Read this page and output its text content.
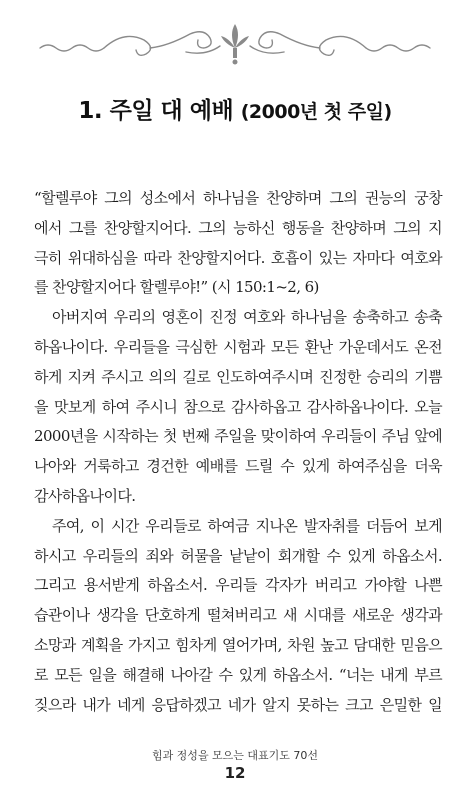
1. 주일 대 예배 (2000년 첫 주일)
“할렐루야 그의 성소에서 하나님을 찬양하며 그의 권능의 궁창
에서 그를 찬양할지어다. 그의 능하신 행동을 찬양하며 그의 지
극히 위대하심을 따라 찬양할지어다. 호흡이 있는 자마다 여호와
를 찬양할지어다 할렐루야!” (시 150:1~2, 6)
아버지여 우리의 영혼이 진정 여호와 하나님을 송축하고 송축
하옵나이다. 우리들을 극심한 시험과 모든 환난 가운데서도 온전
하게 지켜 주시고 의의 길로 인도하여주시며 진정한 승리의 기쁨
을 맛보게 하여 주시니 참으로 감사하옵고 감사하옵나이다. 오늘
2000년을 시작하는 첫 번째 주일을 맞이하여 우리들이 주님 앞에
나아와 거룩하고 경건한 예배를 드릴 수 있게 하여주심을 더욱
감사하옵나이다.
주여, 이 시간 우리들로 하여금 지나온 발자취를 더듬어 보게
하시고 우리들의 죄와 허물을 낱낱이 회개할 수 있게 하옵소서.
그리고 용서받게 하옵소서. 우리들 각자가 버리고 가야할 나쁜
습관이나 생각을 단호하게 떨쳐버리고 새 시대를 새로운 생각과
소망과 계획을 가지고 힘차게 열어가며, 차원 높고 담대한 믿음으
로 모든 일을 해결해 나아갈 수 있게 하옵소서. “너는 내게 부르
짖으라 내가 네게 응답하겠고 네가 알지 못하는 크고 은밀한 일
힘과 정성을 모으는 대표기도 70선
12
